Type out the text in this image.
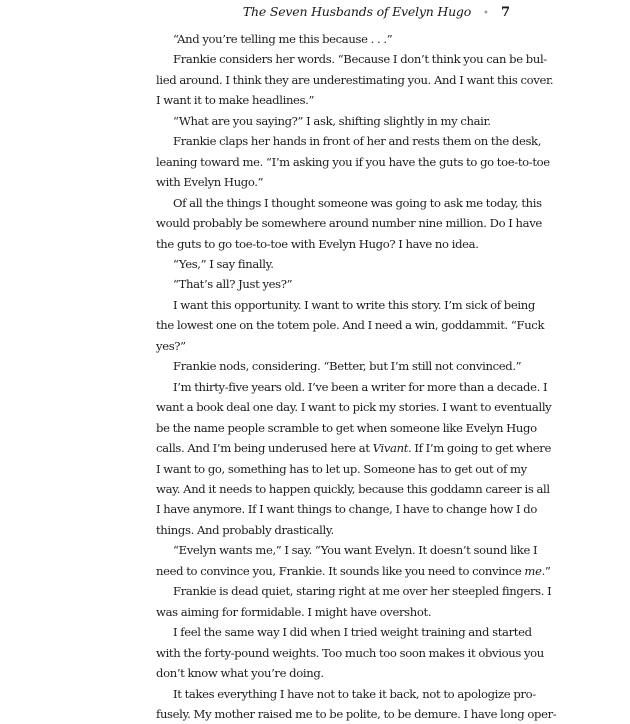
The Seven Husbands of Evelyn Hugo • 7
“And you’re telling me this because . . .”
Frankie considers her words. “Because I don’t think you can be bul-
lied around. I think they are underestimating you. And I want this cover.
I want it to make headlines.”
“What are you saying?” I ask, shifting slightly in my chair.
Frankie claps her hands in front of her and rests them on the desk,
leaning toward me. “I’m asking you if you have the guts to go toe-to-toe
with Evelyn Hugo.”
Of all the things I thought someone was going to ask me today, this
would probably be somewhere around number nine million. Do I have
the guts to go toe-to-toe with Evelyn Hugo? I have no idea.
“Yes,” I say finally.
“That’s all? Just yes?”
I want this opportunity. I want to write this story. I’m sick of being
the lowest one on the totem pole. And I need a win, goddammit. “Fuck
yes?”
Frankie nods, considering. “Better, but I’m still not convinced.”
I’m thirty-five years old. I’ve been a writer for more than a decade. I
want a book deal one day. I want to pick my stories. I want to eventually
be the name people scramble to get when someone like Evelyn Hugo
calls. And I’m being underused here at Vivant. If I’m going to get where
I want to go, something has to let up. Someone has to get out of my
way. And it needs to happen quickly, because this goddamn career is all
I have anymore. If I want things to change, I have to change how I do
things. And probably drastically.
“Evelyn wants me,” I say. “You want Evelyn. It doesn’t sound like I
need to convince you, Frankie. It sounds like you need to convince me.”
Frankie is dead quiet, staring right at me over her steepled fingers. I
was aiming for formidable. I might have overshot.
I feel the same way I did when I tried weight training and started
with the forty-pound weights. Too much too soon makes it obvious you
don’t know what you’re doing.
It takes everything I have not to take it back, not to apologize pro-
fusely. My mother raised me to be polite, to be demure. I have long oper-
